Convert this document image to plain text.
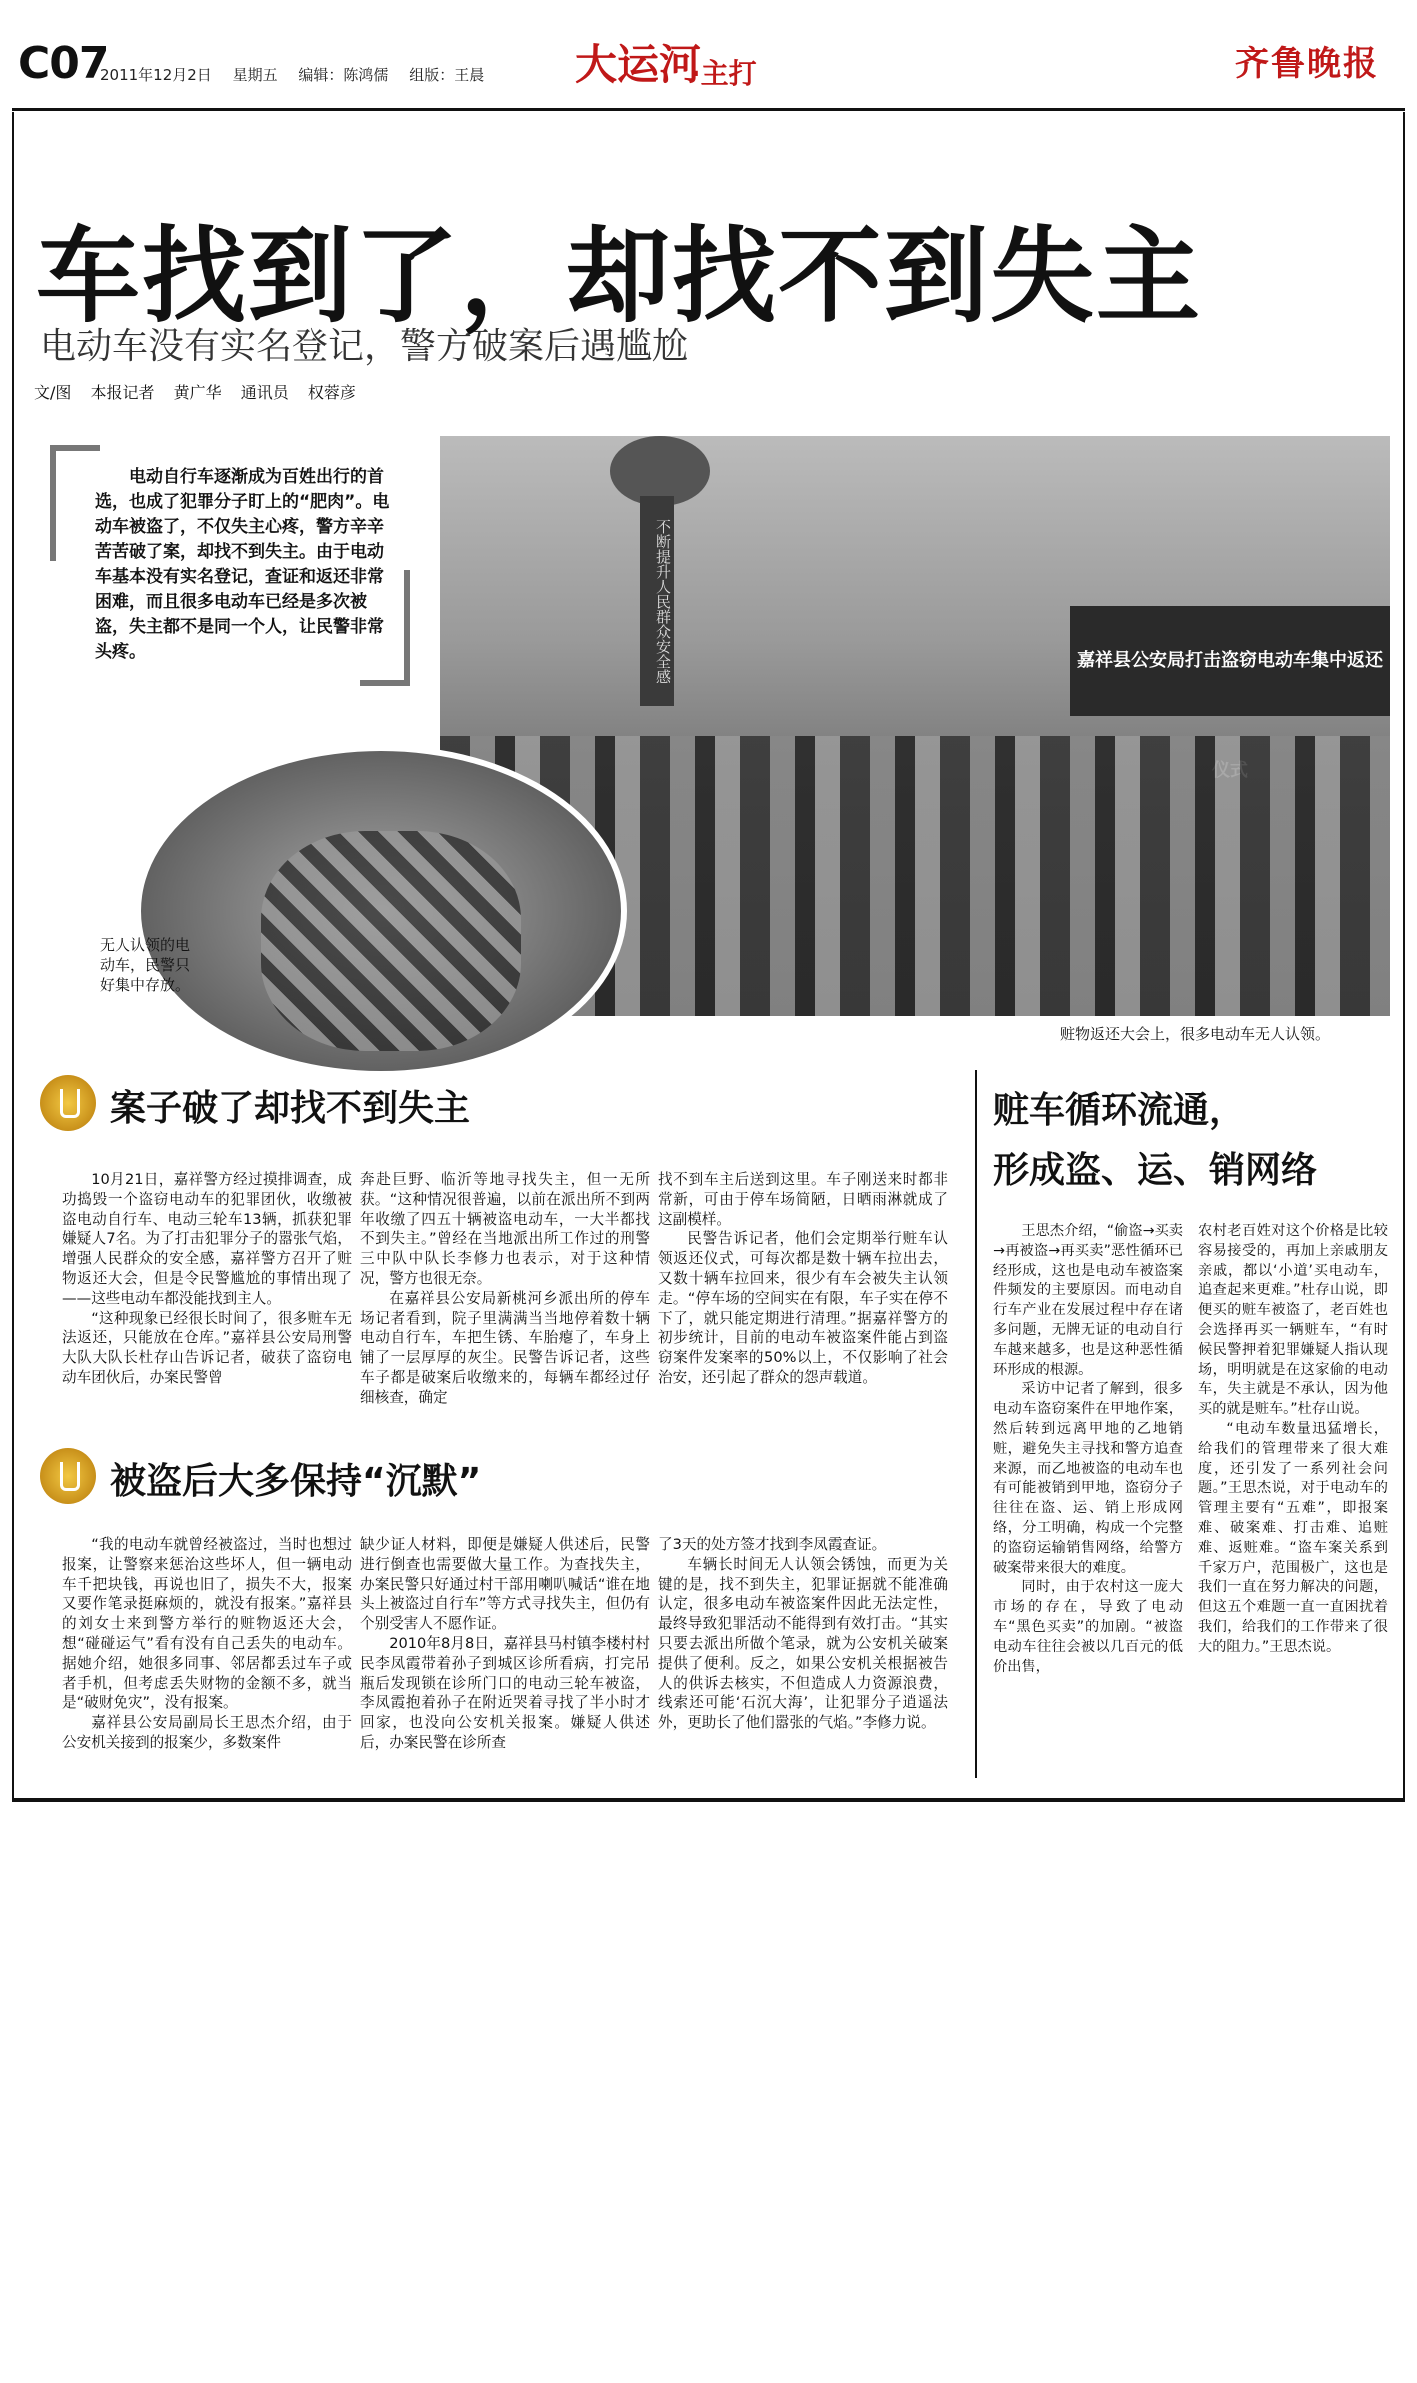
C07
2011年12月2日 星期五 编辑：陈鸿儒 组版：王晨	大运河
·主打	齐鲁晚报
车找到了，却找不到失主
电动车没有实名登记，警方破案后遇尴尬
文/图 本报记者 黄广华 通讯员 权蓉彦
电动自行车逐渐成为百姓出行的首选，也成了犯罪分子盯上的“肥肉”。电动车被盗了，不仅失主心疼，警方辛辛苦苦破了案，却找不到失主。由于电动车基本没有实名登记，查证和返还非常困难，而且很多电动车已经是多次被盗，失主都不是同一个人，让民警非常头疼。	不断提升人民群众安全感	嘉祥县公安局打击盗窃电动车集中返还
无人认领的电动车，民警只好集中存放。
赃物返还大会上，很多电动车无人认领。
案子破了却找不到失主

10月21日，嘉祥警方经过摸排调查，成功捣毁一个盗窃电动车的犯罪团伙，收缴被盗电动自行车、电动三轮车13辆，抓获犯罪嫌疑人7名。为了打击犯罪分子的嚣张气焰，增强人民群众的安全感，嘉祥警方召开了赃物返还大会，但是令民警尴尬的事情出现了——这些电动车都没能找到主人。

“这种现象已经很长时间了，很多赃车无法返还，只能放在仓库。”嘉祥县公安局刑警大队大队长杜存山告诉记者，破获了盗窃电动车团伙后，办案民警曾

奔赴巨野、临沂等地寻找失主，但一无所获。“这种情况很普遍，以前在派出所不到两年收缴了四五十辆被盗电动车，一大半都找不到失主。”曾经在当地派出所工作过的刑警三中队中队长李修力也表示，对于这种情况，警方也很无奈。

在嘉祥县公安局新桃河乡派出所的停车场记者看到，院子里满满当当地停着数十辆电动自行车，车把生锈、车胎瘪了，车身上铺了一层厚厚的灰尘。民警告诉记者，这些车子都是破案后收缴来的，每辆车都经过仔细核查，确定

找不到车主后送到这里。车子刚送来时都非常新，可由于停车场简陋，日晒雨淋就成了这副模样。

民警告诉记者，他们会定期举行赃车认领返还仪式，可每次都是数十辆车拉出去，又数十辆车拉回来，很少有车会被失主认领走。“停车场的空间实在有限，车子实在停不下了，就只能定期进行清理。”据嘉祥警方的初步统计，目前的电动车被盗案件能占到盗窃案件发案率的50%以上，不仅影响了社会治安，还引起了群众的怨声载道。

被盗后大多保持“沉默”

“我的电动车就曾经被盗过，当时也想过报案，让警察来惩治这些坏人，但一辆电动车千把块钱，再说也旧了，损失不大，报案又要作笔录挺麻烦的，就没有报案。”嘉祥县的刘女士来到警方举行的赃物返还大会，想“碰碰运气”看有没有自己丢失的电动车。据她介绍，她很多同事、邻居都丢过车子或者手机，但考虑丢失财物的金额不多，就当是“破财免灾”，没有报案。

嘉祥县公安局副局长王思杰介绍，由于公安机关接到的报案少，多数案件

缺少证人材料，即便是嫌疑人供述后，民警进行倒查也需要做大量工作。为查找失主，办案民警只好通过村干部用喇叭喊话“谁在地头上被盗过自行车”等方式寻找失主，但仍有个别受害人不愿作证。

2010年8月8日，嘉祥县马村镇李楼村村民李凤霞带着孙子到城区诊所看病，打完吊瓶后发现锁在诊所门口的电动三轮车被盗，李凤霞抱着孙子在附近哭着寻找了半小时才回家，也没向公安机关报案。嫌疑人供述后，办案民警在诊所查

了3天的处方签才找到李凤霞查证。

车辆长时间无人认领会锈蚀，而更为关键的是，找不到失主，犯罪证据就不能准确认定，很多电动车被盗案件因此无法定性，最终导致犯罪活动不能得到有效打击。“其实只要去派出所做个笔录，就为公安机关破案提供了便利。反之，如果公安机关根据被告人的供诉去核实，不但造成人力资源浪费，线索还可能‘石沉大海’，让犯罪分子逍遥法外，更助长了他们嚣张的气焰。”李修力说。

赃车循环流通，
形成盗、运、销网络

王思杰介绍，“偷盗→买卖→再被盗→再买卖”恶性循环已经形成，这也是电动车被盗案件频发的主要原因。而电动自行车产业在发展过程中存在诸多问题，无牌无证的电动自行车越来越多，也是这种恶性循环形成的根源。

采访中记者了解到，很多电动车盗窃案件在甲地作案，然后转到远离甲地的乙地销赃，避免失主寻找和警方追查来源，而乙地被盗的电动车也有可能被销到甲地，盗窃分子往往在盗、运、销上形成网络，分工明确，构成一个完整的盗窃运输销售网络，给警方破案带来很大的难度。

同时，由于农村这一庞大市场的存在，导致了电动车“黑色买卖”的加剧。“被盗电动车往往会被以几百元的低价出售，

农村老百姓对这个价格是比较容易接受的，再加上亲戚朋友亲戚，都以‘小道’买电动车，追查起来更难。”杜存山说，即便买的赃车被盗了，老百姓也会选择再买一辆赃车，“有时候民警押着犯罪嫌疑人指认现场，明明就是在这家偷的电动车，失主就是不承认，因为他买的就是赃车。”杜存山说。

“电动车数量迅猛增长，给我们的管理带来了很大难度，还引发了一系列社会问题。”王思杰说，对于电动车的管理主要有“五难”，即报案难、破案难、打击难、追赃难、返赃难。“盗车案关系到千家万户，范围极广，这也是我们一直在努力解决的问题，但这五个难题一直一直困扰着我们，给我们的工作带来了很大的阻力。”王思杰说。
